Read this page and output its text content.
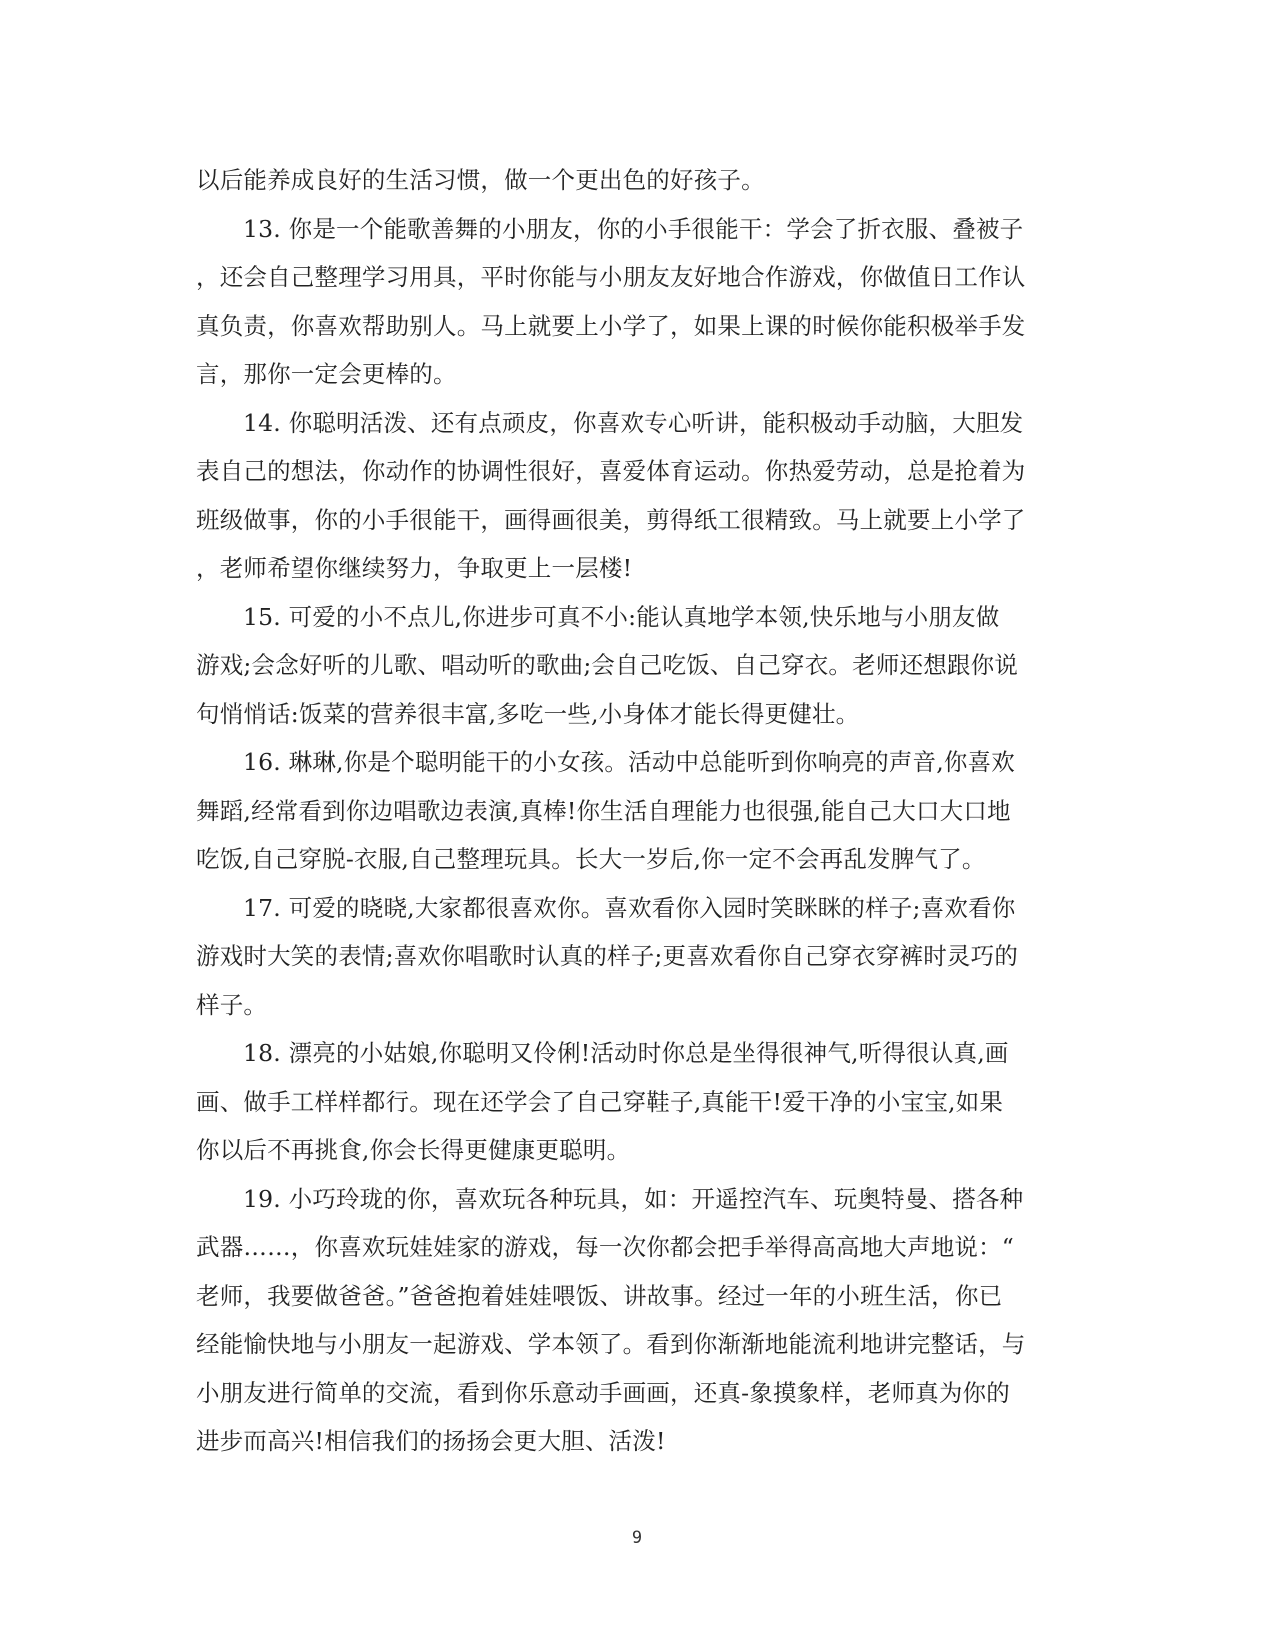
以后能养成良好的生活习惯，做一个更出色的好孩子。
13. 你是一个能歌善舞的小朋友，你的小手很能干：学会了折衣服、叠被子
，还会自己整理学习用具，平时你能与小朋友友好地合作游戏，你做值日工作认
真负责，你喜欢帮助别人。马上就要上小学了，如果上课的时候你能积极举手发
言，那你一定会更棒的。
14. 你聪明活泼、还有点顽皮，你喜欢专心听讲，能积极动手动脑，大胆发
表自己的想法，你动作的协调性很好，喜爱体育运动。你热爱劳动，总是抢着为
班级做事，你的小手很能干，画得画很美，剪得纸工很精致。马上就要上小学了
，老师希望你继续努力，争取更上一层楼!
15. 可爱的小不点儿,你进步可真不小:能认真地学本领,快乐地与小朋友做
游戏;会念好听的儿歌、唱动听的歌曲;会自己吃饭、自己穿衣。老师还想跟你说
句悄悄话:饭菜的营养很丰富,多吃一些,小身体才能长得更健壮。
16. 琳琳,你是个聪明能干的小女孩。活动中总能听到你响亮的声音,你喜欢
舞蹈,经常看到你边唱歌边表演,真棒!你生活自理能力也很强,能自己大口大口地
吃饭,自己穿脱-衣服,自己整理玩具。长大一岁后,你一定不会再乱发脾气了。
17. 可爱的晓晓,大家都很喜欢你。喜欢看你入园时笑眯眯的样子;喜欢看你
游戏时大笑的表情;喜欢你唱歌时认真的样子;更喜欢看你自己穿衣穿裤时灵巧的
样子。
18. 漂亮的小姑娘,你聪明又伶俐!活动时你总是坐得很神气,听得很认真,画
画、做手工样样都行。现在还学会了自己穿鞋子,真能干!爱干净的小宝宝,如果
你以后不再挑食,你会长得更健康更聪明。
19. 小巧玲珑的你，喜欢玩各种玩具，如：开遥控汽车、玩奥特曼、搭各种
武器……，你喜欢玩娃娃家的游戏，每一次你都会把手举得高高地大声地说：“
老师，我要做爸爸。”爸爸抱着娃娃喂饭、讲故事。经过一年的小班生活，你已
经能愉快地与小朋友一起游戏、学本领了。看到你渐渐地能流利地讲完整话，与
小朋友进行简单的交流，看到你乐意动手画画，还真-象摸象样，老师真为你的
进步而高兴!相信我们的扬扬会更大胆、活泼!
9
